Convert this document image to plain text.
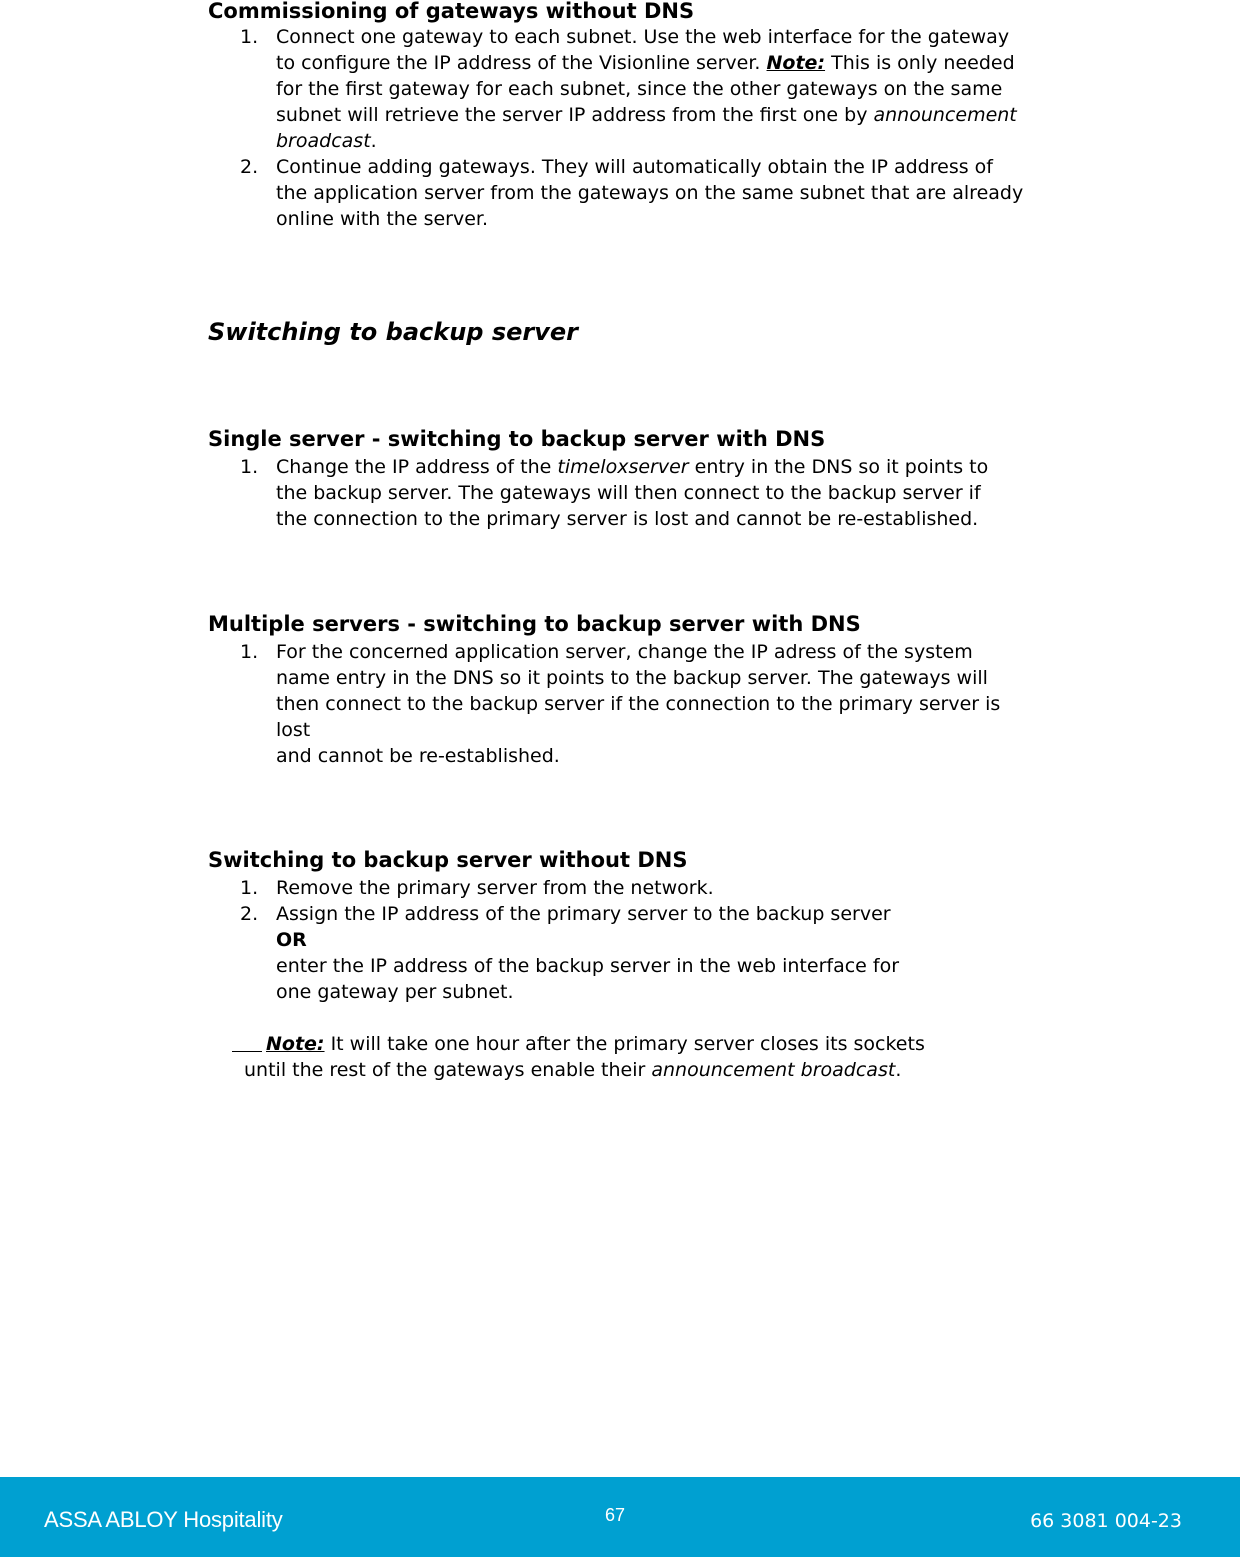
Commissioning of gateways without DNS
1. Connect one gateway to each subnet. Use the web interface for the gateway
to configure the IP address of the Visionline server. Note: This is only needed
for the first gateway for each subnet, since the other gateways on the same
subnet will retrieve the server IP address from the first one by announcement
broadcast.
2. Continue adding gateways. They will automatically obtain the IP address of
the application server from the gateways on the same subnet that are already
online with the server.
Switching to backup server
Single server - switching to backup server with DNS
1. Change the IP address of the timeloxserver entry in the DNS so it points to
the backup server. The gateways will then connect to the backup server if
the connection to the primary server is lost and cannot be re-established.
Multiple servers - switching to backup server with DNS
1. For the concerned application server, change the IP adress of the system
name entry in the DNS so it points to the backup server. The gateways will
then connect to the backup server if the connection to the primary server is
lost
and cannot be re-established.
Switching to backup server without DNS
1. Remove the primary server from the network.
2. Assign the IP address of the primary server to the backup server
OR
enter the IP address of the backup server in the web interface for
one gateway per subnet.
Note: It will take one hour after the primary server closes its sockets
until the rest of the gateways enable their announcement broadcast.
ASSA ABLOY Hospitality	67	66 3081 004-23
